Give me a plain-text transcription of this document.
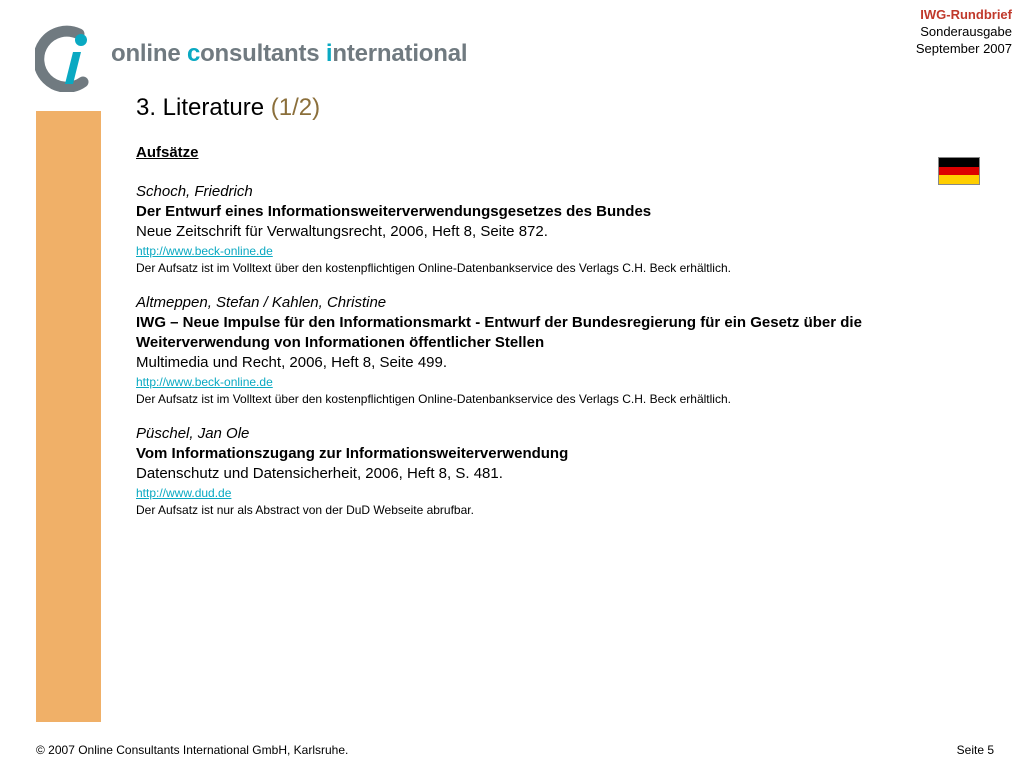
online consultants international
IWG-Rundbrief
Sonderausgabe
September 2007
3. Literature (1/2)
Aufsätze
Schoch, Friedrich
Der Entwurf eines Informationsweiterverwendungsgesetzes des Bundes
Neue Zeitschrift für Verwaltungsrecht, 2006, Heft 8, Seite 872.
http://www.beck-online.de
Der Aufsatz ist im Volltext über den kostenpflichtigen Online-Datenbankservice des Verlags C.H. Beck erhältlich.
Altmeppen, Stefan / Kahlen, Christine
IWG – Neue Impulse für den Informationsmarkt - Entwurf der Bundesregierung für ein Gesetz über die Weiterverwendung von Informationen öffentlicher Stellen
Multimedia und Recht, 2006, Heft 8, Seite 499.
http://www.beck-online.de
Der Aufsatz ist im Volltext über den kostenpflichtigen Online-Datenbankservice des Verlags C.H. Beck erhältlich.
Püschel, Jan Ole
Vom Informationszugang zur Informationsweiterverwendung
Datenschutz und Datensicherheit, 2006, Heft 8, S. 481.
http://www.dud.de
Der Aufsatz ist nur als Abstract von der DuD Webseite abrufbar.
© 2007 Online Consultants International GmbH, Karlsruhe.	Seite 5
